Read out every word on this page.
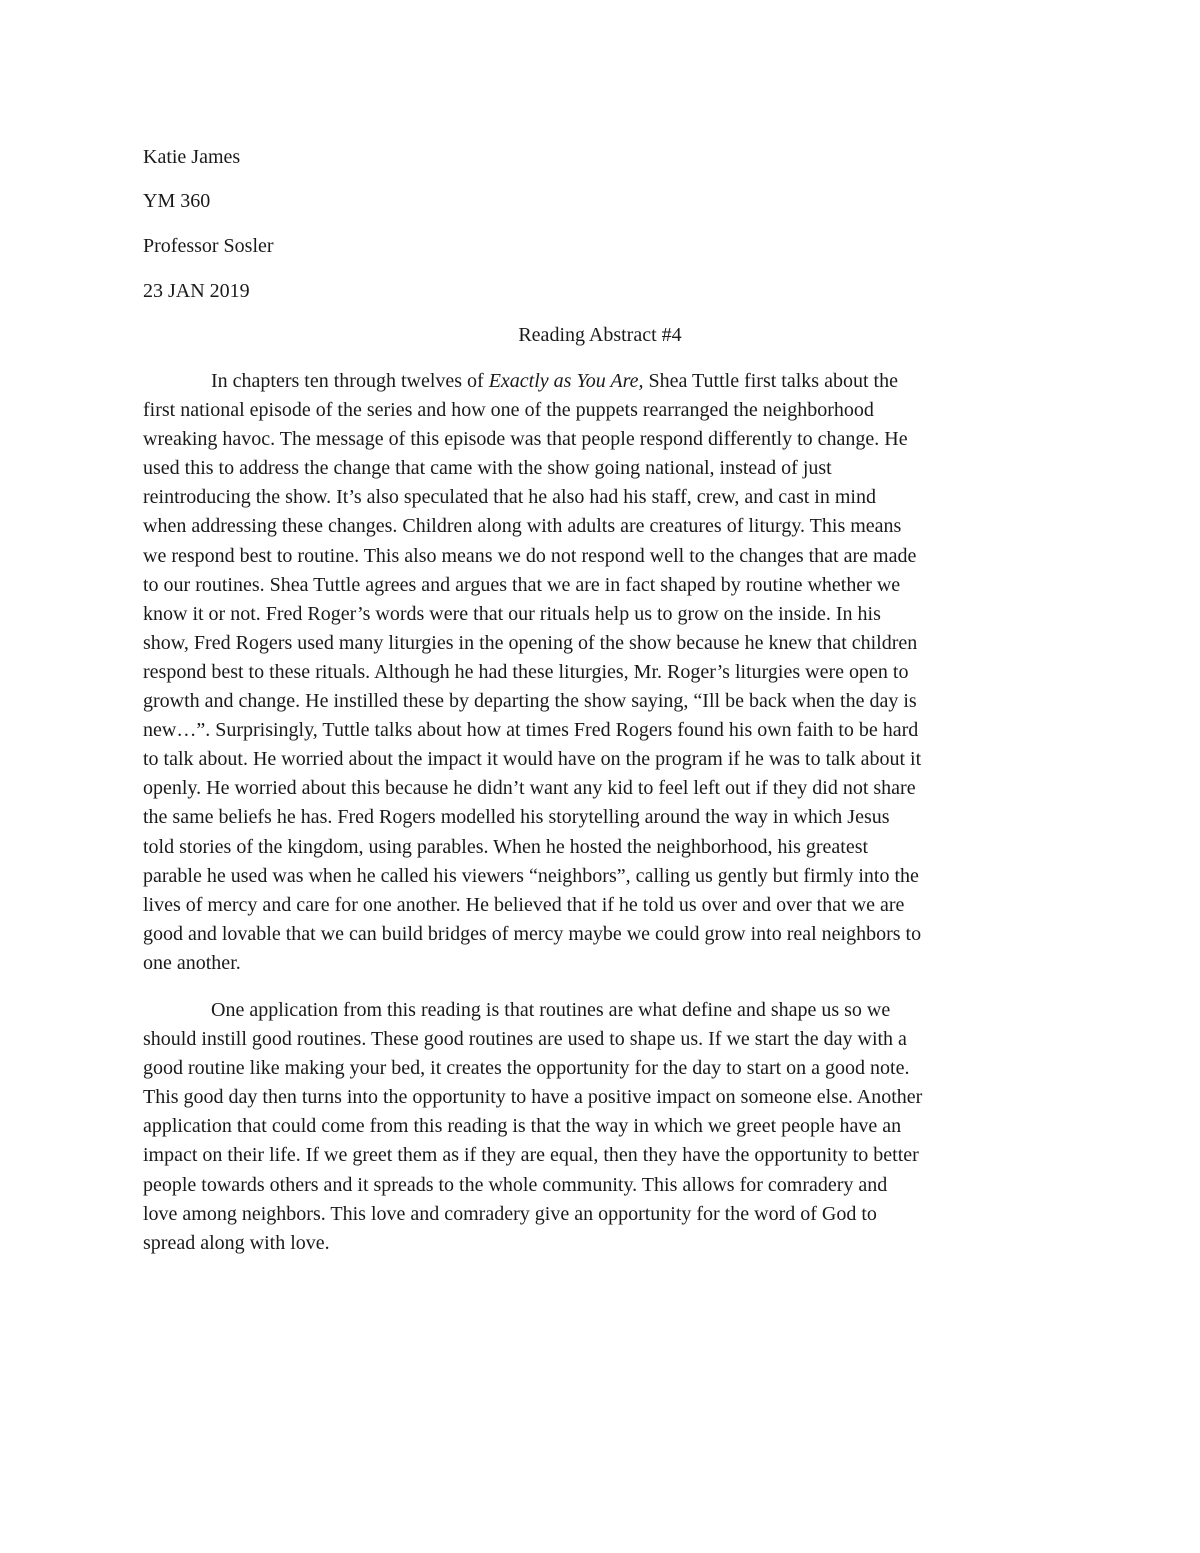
Katie James
YM 360
Professor Sosler
23 JAN 2019
Reading Abstract #4
In chapters ten through twelves of Exactly as You Are, Shea Tuttle first talks about the
first national episode of the series and how one of the puppets rearranged the neighborhood
wreaking havoc. The message of this episode was that people respond differently to change. He
used this to address the change that came with the show going national, instead of just
reintroducing the show. It’s also speculated that he also had his staff, crew, and cast in mind
when addressing these changes. Children along with adults are creatures of liturgy. This means
we respond best to routine. This also means we do not respond well to the changes that are made
to our routines. Shea Tuttle agrees and argues that we are in fact shaped by routine whether we
know it or not. Fred Roger’s words were that our rituals help us to grow on the inside. In his
show, Fred Rogers used many liturgies in the opening of the show because he knew that children
respond best to these rituals. Although he had these liturgies, Mr. Roger’s liturgies were open to
growth and change. He instilled these by departing the show saying, “Ill be back when the day is
new…”. Surprisingly, Tuttle talks about how at times Fred Rogers found his own faith to be hard
to talk about. He worried about the impact it would have on the program if he was to talk about it
openly. He worried about this because he didn’t want any kid to feel left out if they did not share
the same beliefs he has. Fred Rogers modelled his storytelling around the way in which Jesus
told stories of the kingdom, using parables. When he hosted the neighborhood, his greatest
parable he used was when he called his viewers “neighbors”, calling us gently but firmly into the
lives of mercy and care for one another. He believed that if he told us over and over that we are
good and lovable that we can build bridges of mercy maybe we could grow into real neighbors to
one another.
One application from this reading is that routines are what define and shape us so we
should instill good routines. These good routines are used to shape us. If we start the day with a
good routine like making your bed, it creates the opportunity for the day to start on a good note.
This good day then turns into the opportunity to have a positive impact on someone else. Another
application that could come from this reading is that the way in which we greet people have an
impact on their life. If we greet them as if they are equal, then they have the opportunity to better
people towards others and it spreads to the whole community. This allows for comradery and
love among neighbors. This love and comradery give an opportunity for the word of God to
spread along with love.
